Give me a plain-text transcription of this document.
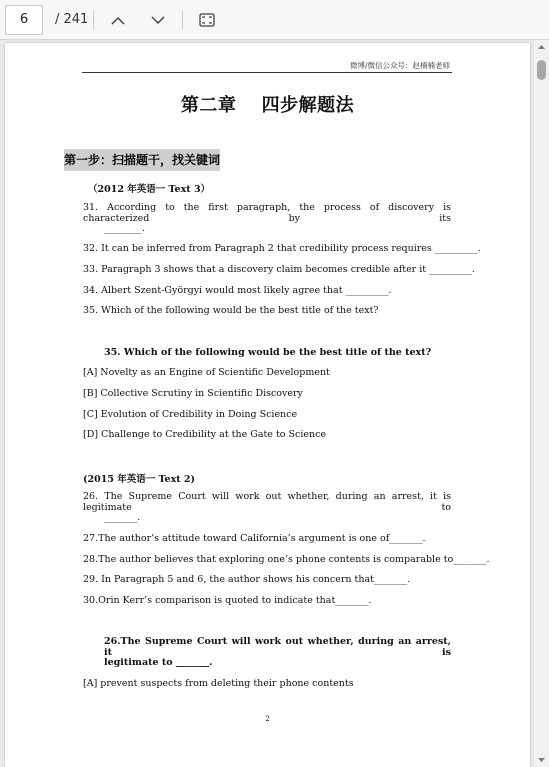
6	/ 241
微博/微信公众号：赵楠楠老师
第二章　 四步解题法
第一步：扫描题干，找关键词
（2012 年英语一 Text 3）
31. According to the first paragraph, the process of discovery is characterized by its
________.
32. It can be inferred from Paragraph 2 that credibility process requires _________.
33. Paragraph 3 shows that a discovery claim becomes credible after it _________.
34. Albert Szent-Györgyi would most likely agree that _________.
35. Which of the following would be the best title of the text?
35. Which of the following would be the best title of the text?
[A] Novelty as an Engine of Scientific Development
[B] Collective Scrutiny in Scientific Discovery
[C] Evolution of Credibility in Doing Science
[D] Challenge to Credibility at the Gate to Science
(2015 年英语一 Text 2)
26. The Supreme Court will work out whether, during an arrest, it is legitimate to
_______.
27.The author’s attitude toward California’s argument is one of_______.
28.The author believes that exploring one’s phone contents is comparable to_______.
29. In Paragraph 5 and 6, the author shows his concern that_______.
30.Orin Kerr’s comparison is quoted to indicate that_______.
26.The Supreme Court will work out whether, during an arrest, it is
legitimate to _______.
[A] prevent suspects from deleting their phone contents
2
